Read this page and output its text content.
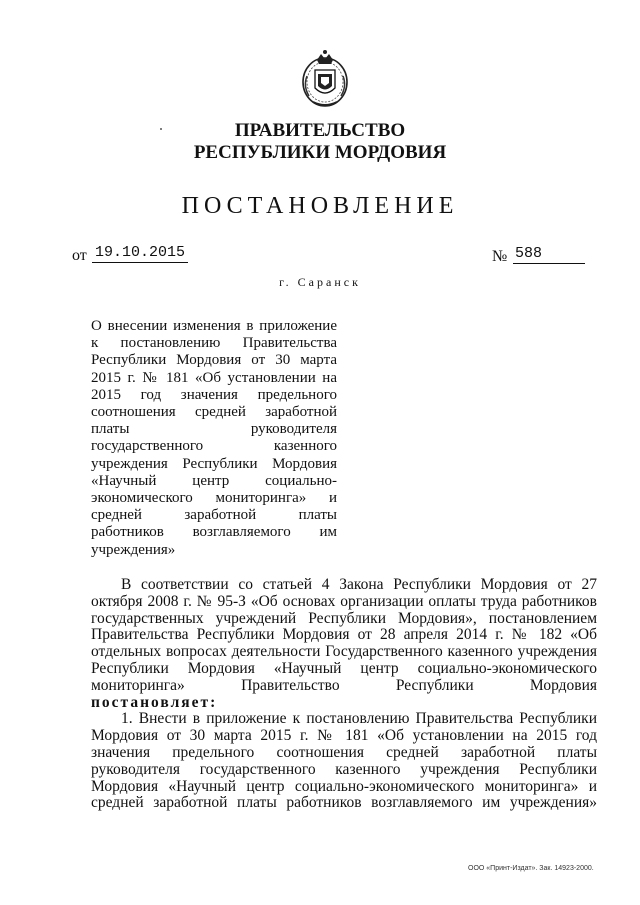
ПРАВИТЕЛЬСТВО
РЕСПУБЛИКИ МОРДОВИЯ
ПОСТАНОВЛЕНИЕ
от 19.10.2015	№ 588
г. Саранск

О внесении изменения в приложение
к постановлению Правительства
Республики Мордовия от 30 марта
2015 г. № 181 «Об установлении на
2015 год значения предельного
соотношения средней заработной
платы руководителя
государственного казенного
учреждения Республики Мордовия
«Научный центр социально-
экономического мониторинга» и
средней заработной платы
работников возглавляемого им
учреждения»

В соответствии со статьей 4 Закона Республики Мордовия от 27
октября 2008 г. № 95-З «Об основах организации оплаты труда работников
государственных учреждений Республики Мордовия», постановлением
Правительства Республики Мордовия от 28 апреля 2014 г. № 182 «Об
отдельных вопросах деятельности Государственного казенного учреждения
Республики Мордовия «Научный центр социально-экономического
мониторинга» Правительство Республики Мордовия
постановляет:
1. Внести в приложение к постановлению Правительства Республики
Мордовия от 30 марта 2015 г. № 181 «Об установлении на 2015 год
значения предельного соотношения средней заработной платы
руководителя государственного казенного учреждения Республики
Мордовия «Научный центр социально-экономического мониторинга» и
средней заработной платы работников возглавляемого им учреждения»
ООО «Принт-Издат». Зак. 14923-2000.
